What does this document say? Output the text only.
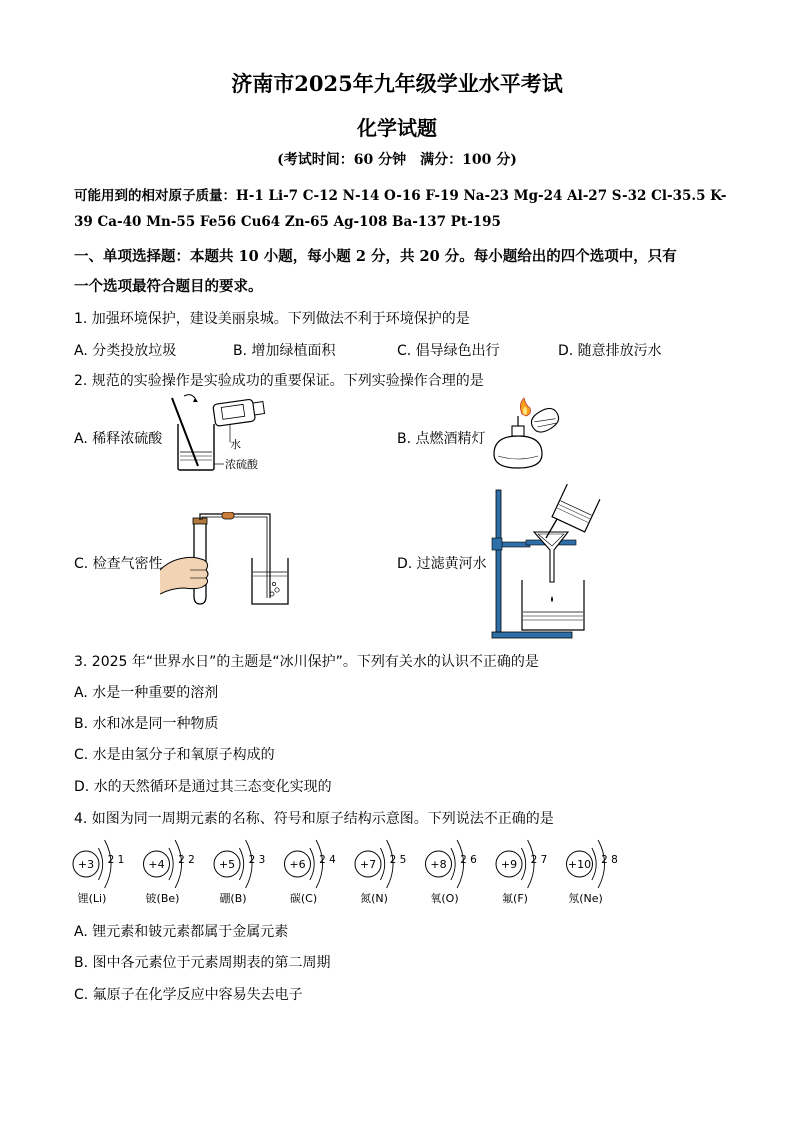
济南市2025年九年级学业水平考试
化学试题
(考试时间：60 分钟　满分：100 分)
可能用到的相对原子质量：H-1 Li-7 C-12 N-14 O-16 F-19 Na-23 Mg-24 Al-27 S-32 Cl-35.5 K-
39 Ca-40 Mn-55 Fe56 Cu64 Zn-65 Ag-108 Ba-137 Pt-195
一、单项选择题：本题共 10 小题，每小题 2 分，共 20 分。每小题给出的四个选项中，只有
一个选项最符合题目的要求。
1. 加强环境保护，建设美丽泉城。下列做法不利于环境保护的是
A. 分类投放垃圾	B. 增加绿植面积	C. 倡导绿色出行	D. 随意排放污水
2. 规范的实验操作是实验成功的重要保证。下列实验操作合理的是
A. 稀释浓硫酸	B. 点燃酒精灯
C. 检查气密性	D. 过滤黄河水
水
浓硫酸
3. 2025 年“世界水日”的主题是“冰川保护”。下列有关水的认识不正确的是
A. 水是一种重要的溶剂
B. 水和冰是同一种物质
C. 水是由氢分子和氧原子构成的
D. 水的天然循环是通过其三态变化实现的
4. 如图为同一周期元素的名称、符号和原子结构示意图。下列说法不正确的是
+3 2 1
锂(Li)
+4 2 2
铍(Be)
+5 2 3
硼(B)
+6 2 4
碳(C)
+7 2 5
氮(N)
+8 2 6
氧(O)
+9 2 7
氟(F)
+10 2 8
氖(Ne)
A. 锂元素和铍元素都属于金属元素
B. 图中各元素位于元素周期表的第二周期
C. 氟原子在化学反应中容易失去电子
